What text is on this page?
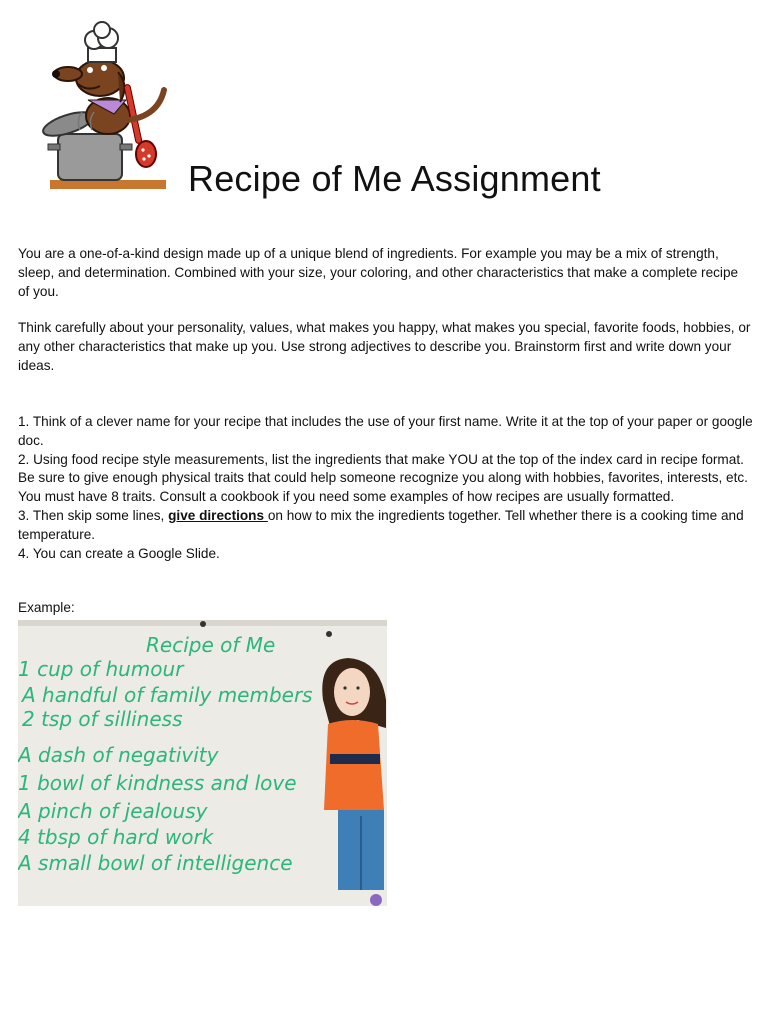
Recipe of Me Assignment

You are a one-of-a-kind design made up of a unique blend of ingredients. For example you may be a mix of strength, sleep, and determination. Combined with your size, your coloring, and other characteristics that make a complete recipe of you.

Think carefully about your personality, values, what makes you happy, what makes you special, favorite foods, hobbies, or any other characteristics that make up you. Use strong adjectives to describe you. Brainstorm first and write down your ideas.

1. Think of a clever name for your recipe that includes the use of your first name. Write it at the top of your paper or google doc.

2. Using food recipe style measurements, list the ingredients that make YOU at the top of the index card in recipe format. Be sure to give enough physical traits that could help someone recognize you along with hobbies, favorites, interests, etc. You must have 8 traits. Consult a cookbook if you need some examples of how recipes are usually formatted.

3. Then skip some lines, give directions on how to mix the ingredients together. Tell whether there is a cooking time and temperature.

4. You can create a Google Slide.

Example:
Recipe of Me
1 cup of humour
A handful of family members
2 tsp of silliness
A dash of negativity
1 bowl of kindness and love
A pinch of jealousy
4 tbsp of hard work
A small bowl of intelligence
